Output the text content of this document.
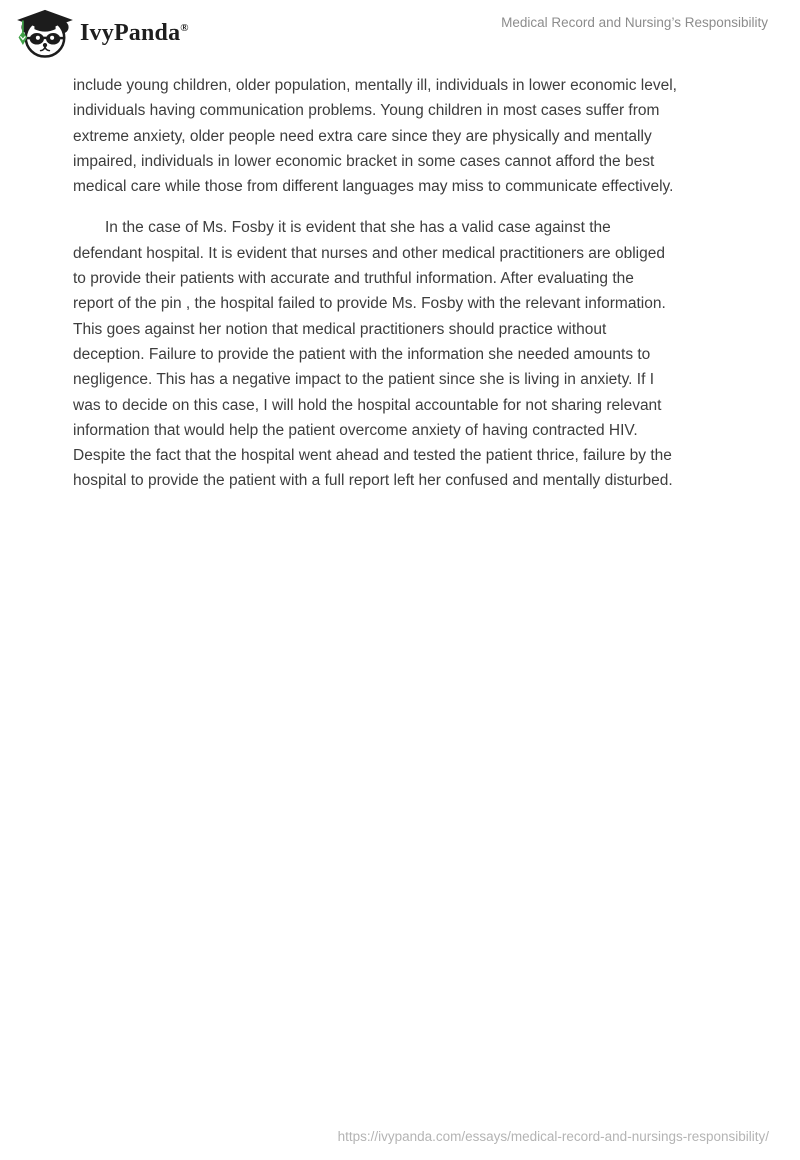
IvyPanda®	Medical Record and Nursing’s Responsibility
include young children, older population, mentally ill, individuals in lower economic level,
individuals having communication problems. Young children in most cases suffer from
extreme anxiety, older people need extra care since they are physically and mentally
impaired, individuals in lower economic bracket in some cases cannot afford the best
medical care while those from different languages may miss to communicate effectively.
In the case of Ms. Fosby it is evident that she has a valid case against the
defendant hospital. It is evident that nurses and other medical practitioners are obliged
to provide their patients with accurate and truthful information. After evaluating the
report of the pin , the hospital failed to provide Ms. Fosby with the relevant information.
This goes against her notion that medical practitioners should practice without
deception. Failure to provide the patient with the information she needed amounts to
negligence. This has a negative impact to the patient since she is living in anxiety. If I
was to decide on this case, I will hold the hospital accountable for not sharing relevant
information that would help the patient overcome anxiety of having contracted HIV.
Despite the fact that the hospital went ahead and tested the patient thrice, failure by the
hospital to provide the patient with a full report left her confused and mentally disturbed.
https://ivypanda.com/essays/medical-record-and-nursings-responsibility/
